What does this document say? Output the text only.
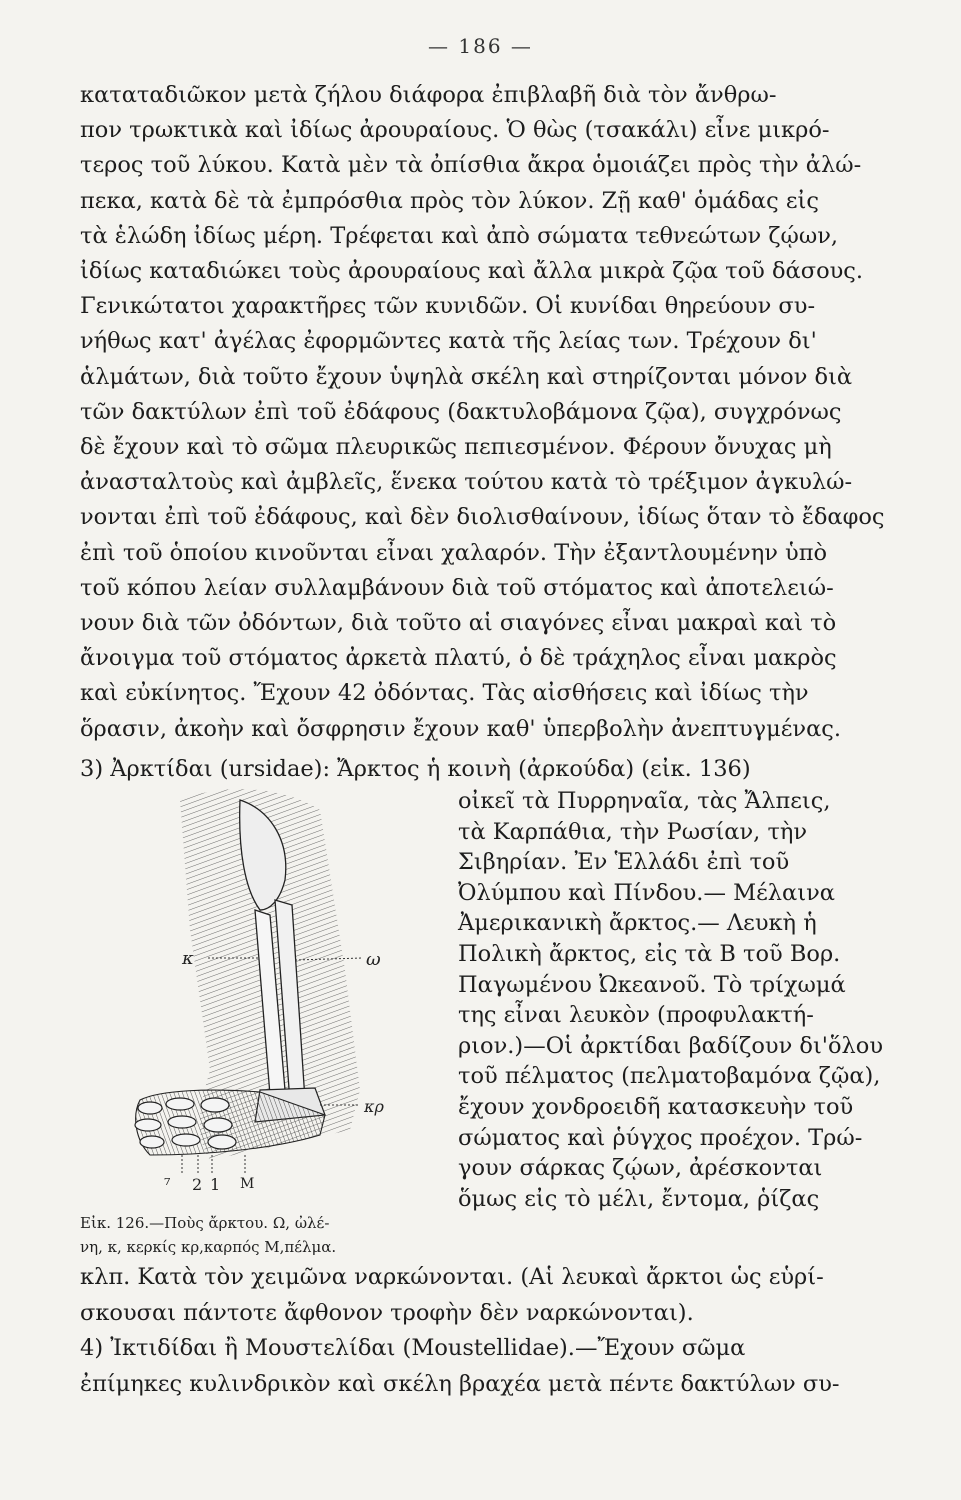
— 186 —
καταταδιῶκον μετὰ ζήλου διάφορα ἐπιβλαβῆ διὰ τὸν ἄνθρω-
πον τρωκτικὰ καὶ ἰδίως ἀρουραίους. Ὁ θὼς (τσακάλι) εἶνε μικρό-
τερος τοῦ λύκου. Κατὰ μὲν τὰ ὀπίσθια ἄκρα ὁμοιάζει πρὸς τὴν ἀλώ-
πεκα, κατὰ δὲ τὰ ἐμπρόσθια πρὸς τὸν λύκον. Ζῇ καθ' ὁμάδας εἰς
τὰ ἑλώδη ἰδίως μέρη. Τρέφεται καὶ ἀπὸ σώματα τεθνεώτων ζῴων,
ἰδίως καταδιώκει τοὺς ἀρουραίους καὶ ἄλλα μικρὰ ζῷα τοῦ δάσους.
Γενικώτατοι χαρακτῆρες τῶν κυνιδῶν. Οἱ κυνίδαι θηρεύουν συ-
νήθως κατ' ἀγέλας ἐφορμῶντες κατὰ τῆς λείας των. Τρέχουν δι'
ἁλμάτων, διὰ τοῦτο ἔχουν ὑψηλὰ σκέλη καὶ στηρίζονται μόνον διὰ
τῶν δακτύλων ἐπὶ τοῦ ἐδάφους (δακτυλοβάμονα ζῷα), συγχρόνως
δὲ ἔχουν καὶ τὸ σῶμα πλευρικῶς πεπιεσμένον. Φέρουν ὄνυχας μὴ
ἀνασταλτοὺς καὶ ἀμβλεῖς, ἕνεκα τούτου κατὰ τὸ τρέξιμον ἀγκυλώ-
νονται ἐπὶ τοῦ ἐδάφους, καὶ δὲν διολισθαίνουν, ἰδίως ὅταν τὸ ἔδαφος
ἐπὶ τοῦ ὁποίου κινοῦνται εἶναι χαλαρόν. Τὴν ἐξαντλουμένην ὑπὸ
τοῦ κόπου λείαν συλλαμβάνουν διὰ τοῦ στόματος καὶ ἀποτελειώ-
νουν διὰ τῶν ὀδόντων, διὰ τοῦτο αἱ σιαγόνες εἶναι μακραὶ καὶ τὸ
ἄνοιγμα τοῦ στόματος ἀρκετὰ πλατύ, ὁ δὲ τράχηλος εἶναι μακρὸς
καὶ εὐκίνητος. Ἔχουν 42 ὀδόντας. Τὰς αἰσθήσεις καὶ ἰδίως τὴν
ὅρασιν, ἀκοὴν καὶ ὄσφρησιν ἔχουν καθ' ὑπερβολὴν ἀνεπτυγμένας.
3) Ἀρκτίδαι (ursidae): Ἄρκτος ἡ κοινὴ (ἀρκούδα) (εἰκ. 136)
οἰκεῖ τὰ Πυρρηναῖα, τὰς Ἄλπεις,
τὰ Καρπάθια, τὴν Ρωσίαν, τὴν
Σιβηρίαν. Ἐν Ἑλλάδι ἐπὶ τοῦ
Ὀλύμπου καὶ Πίνδου.— Μέλαινα
Ἀμερικανικὴ ἄρκτος.— Λευκὴ ἡ
Πολικὴ ἄρκτος, εἰς τὰ Β τοῦ Βορ.
Παγωμένου Ὠκεανοῦ. Τὸ τρίχωμά
της εἶναι λευκὸν (προφυλακτή-
ριον.)—Οἱ ἀρκτίδαι βαδίζουν δι'ὅλου
τοῦ πέλματος (πελματοβαμόνα ζῷα),
ἔχουν χονδροειδῆ κατασκευὴν τοῦ
σώματος καὶ ῥύγχος προέχον. Τρώ-
γουν σάρκας ζῴων, ἀρέσκονται
ὅμως εἰς τὸ μέλι, ἔντομα, ῥίζας
κ	ω
κρ
⁷ 2 1 Μ
Εἰκ. 126.—Ποὺς ἄρκτου. Ω, ὠλέ-
νη, κ, κερκίς κρ,καρπός Μ,πέλμα.
κλπ. Κατὰ τὸν χειμῶνα ναρκώνονται. (Αἱ λευκαὶ ἄρκτοι ὡς εὑρί-
σκουσαι πάντοτε ἄφθονον τροφὴν δὲν ναρκώνονται).
4) Ἰκτιδίδαι ἢ Μουστελίδαι (Moustellidae).—Ἔχουν σῶμα
ἐπίμηκες κυλινδρικὸν καὶ σκέλη βραχέα μετὰ πέντε δακτύλων συ-
